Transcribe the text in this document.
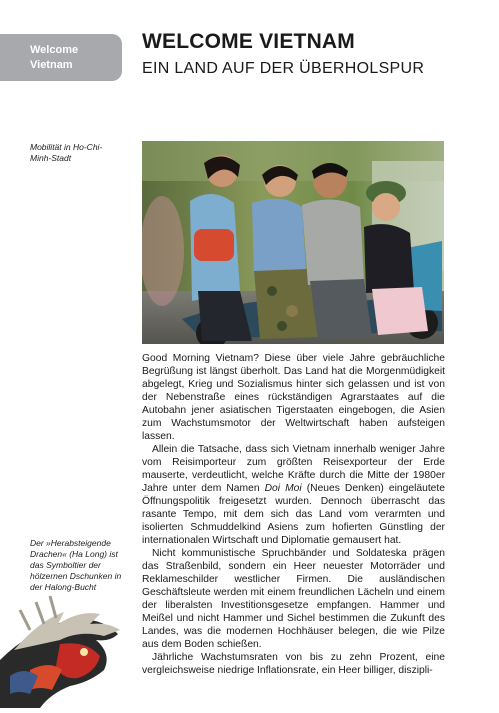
Welcome
Vietnam
WELCOME VIETNAM
EIN LAND AUF DER ÜBERHOLSPUR
Mobilität in Ho-Chi-Minh-Stadt
Der »Herabsteigende Drachen« (Ha Long) ist das Symboltier der hölzernen Dschunken in der Halong-Bucht

Good Morning Vietnam? Diese über viele Jahre gebräuchliche Begrüßung ist längst überholt. Das Land hat die Morgenmüdigkeit abgelegt, Krieg und Sozialismus hinter sich gelassen und ist von der Nebenstraße eines rückständigen Agrarstaates auf die Autobahn jener asiatischen Tigerstaaten eingebogen, die Asien zum Wachstumsmotor der Weltwirtschaft haben aufsteigen lassen.

Allein die Tatsache, dass sich Vietnam innerhalb weniger Jahre vom Reisimporteur zum größten Reisexporteur der Erde mauserte, verdeutlicht, welche Kräfte durch die Mitte der 1980er Jahre unter dem Namen Doi Moi (Neues Denken) eingeläutete Öffnungspolitik freigesetzt wurden. Dennoch überrascht das rasante Tempo, mit dem sich das Land vom verarmten und isolierten Schmuddelkind Asiens zum hofierten Günstling der internationalen Wirtschaft und Diplomatie gemausert hat.

Nicht kommunistische Spruchbänder und Soldateska prägen das Straßenbild, sondern ein Heer neuester Motorräder und Reklameschilder westlicher Firmen. Die ausländischen Geschäftsleute werden mit einem freundlichen Lächeln und einem der liberalsten Investitionsgesetze empfangen. Hammer und Meißel und nicht Hammer und Sichel bestimmen die Zukunft des Landes, was die modernen Hochhäuser belegen, die wie Pilze aus dem Boden schießen.

Jährliche Wachstumsraten von bis zu zehn Prozent, eine vergleichsweise niedrige Inflationsrate, ein Heer billiger, diszipli-
